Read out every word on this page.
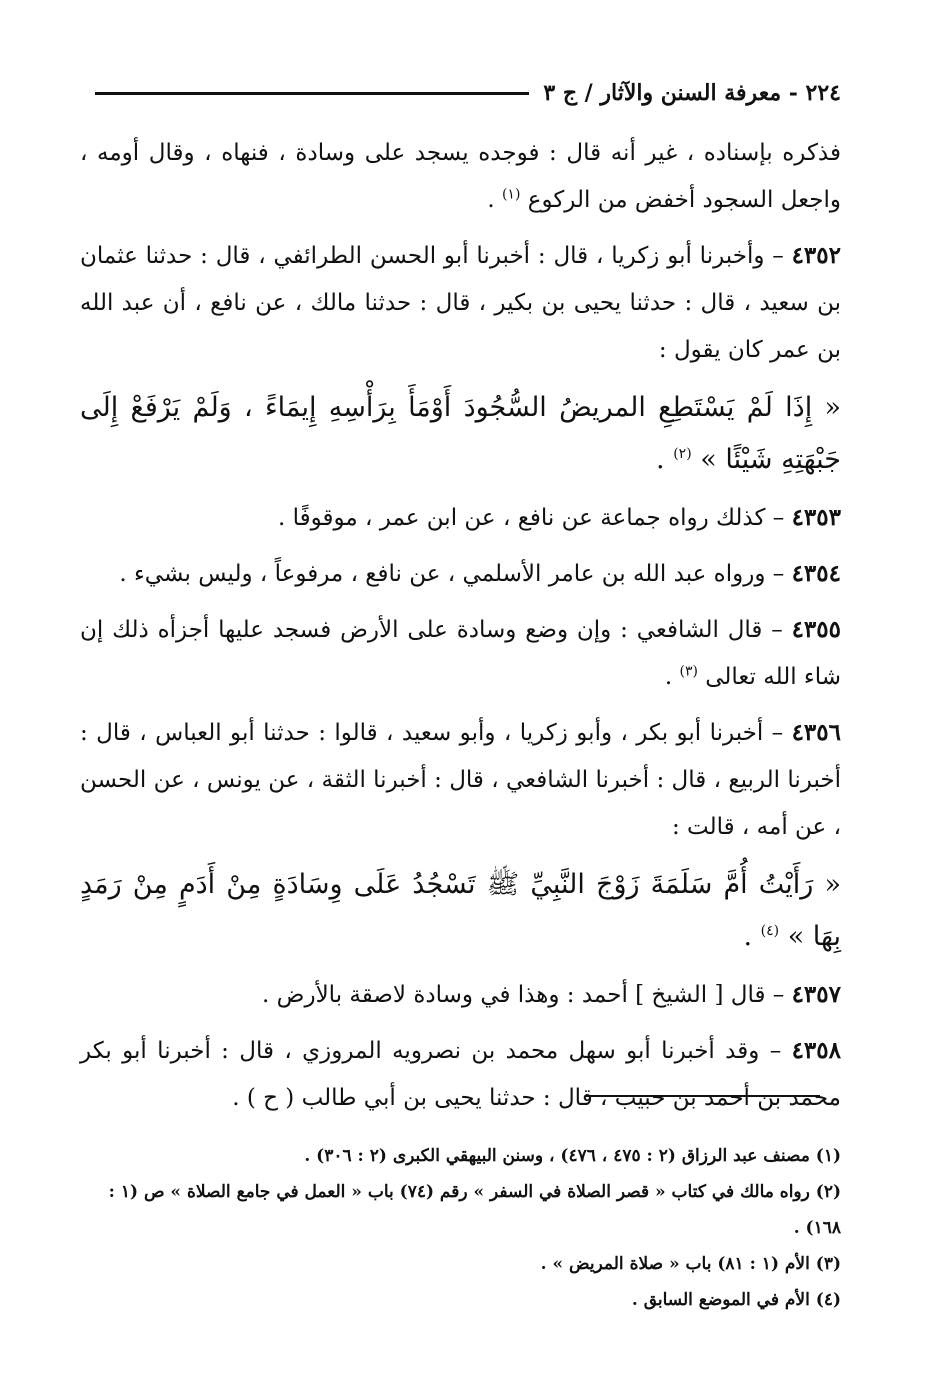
٢٢٤ - معرفة السنن والآثار / ج ٣

فذكره بإسناده ، غير أنه قال : فوجده يسجد على وسادة ، فنهاه ، وقال أومه ، واجعل السجود أخفض من الركوع $^{(١)}$ .

٤٣٥٢ – وأخبرنا أبو زكريا ، قال : أخبرنا أبو الحسن الطرائفي ، قال : حدثنا عثمان بن سعيد ، قال : حدثنا يحيى بن بكير ، قال : حدثنا مالك ، عن نافع ، أن عبد الله بن عمر كان يقول :

« إِذَا لَمْ يَسْتَطِعِ المريضُ السُّجُودَ أَوْمَأَ بِرَأْسِهِ إِيمَاءً ، وَلَمْ يَرْفَعْ إِلَى جَبْهَتِهِ شَيْئًا » $^{(٢)}$ .

٤٣٥٣ – كذلك رواه جماعة عن نافع ، عن ابن عمر ، موقوفًا .

٤٣٥٤ – ورواه عبد الله بن عامر الأسلمي ، عن نافع ، مرفوعاً ، وليس بشيء .

٤٣٥٥ – قال الشافعي : وإن وضع وسادة على الأرض فسجد عليها أجزأه ذلك إن شاء الله تعالى $^{(٣)}$ .

٤٣٥٦ – أخبرنا أبو بكر ، وأبو زكريا ، وأبو سعيد ، قالوا : حدثنا أبو العباس ، قال : أخبرنا الربيع ، قال : أخبرنا الشافعي ، قال : أخبرنا الثقة ، عن يونس ، عن الحسن ، عن أمه ، قالت :

« رَأَيْتُ أُمَّ سَلَمَةَ زَوْجَ النَّبِيِّ ﷺ تَسْجُدُ عَلَى وِسَادَةٍ مِنْ أَدَمٍ مِنْ رَمَدٍ بِهَا » $^{(٤)}$ .

٤٣٥٧ – قال [ الشيخ ] أحمد : وهذا في وسادة لاصقة بالأرض .

٤٣٥٨ – وقد أخبرنا أبو سهل محمد بن نصرويه المروزي ، قال : أخبرنا أبو بكر محمد بن أحمد بن حبيب ، قال : حدثنا يحيى بن أبي طالب ( ح ) .

(١) مصنف عبد الرزاق (٢ : ٤٧٥ ، ٤٧٦) ، وسنن البيهقي الكبرى (٢ : ٣٠٦) .

(٢) رواه مالك في كتاب « قصر الصلاة في السفر » رقم (٧٤) باب « العمل في جامع الصلاة » ص (١ : ١٦٨) .

(٣) الأم (١ : ٨١) باب « صلاة المريض » .

(٤) الأم في الموضع السابق .
